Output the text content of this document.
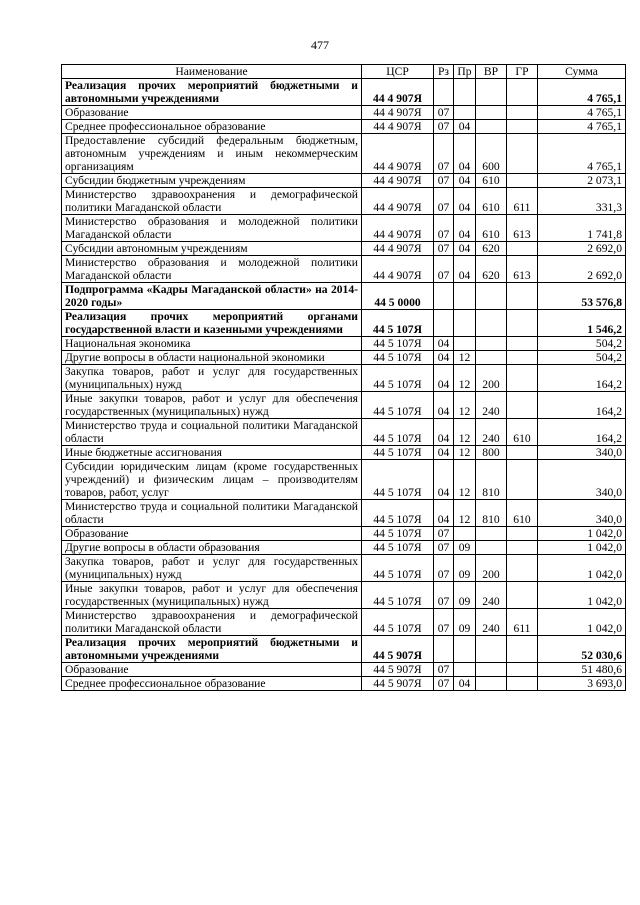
477
Наименование	ЦСР	Рз	Пр	ВР	ГР	Сумма
Реализация прочих мероприятий бюджетными и автономными учреждениями	44 4 907Я					4 765,1
Образование	44 4 907Я	07				4 765,1
Среднее профессиональное образование	44 4 907Я	07	04			4 765,1
Предоставление субсидий федеральным бюджетным, автономным учреждениям и иным некоммерческим организациям	44 4 907Я	07	04	600		4 765,1
Субсидии бюджетным учреждениям	44 4 907Я	07	04	610		2 073,1
Министерство здравоохранения и демографической политики Магаданской области	44 4 907Я	07	04	610	611	331,3
Министерство образования и молодежной политики Магаданской области	44 4 907Я	07	04	610	613	1 741,8
Субсидии автономным учреждениям	44 4 907Я	07	04	620		2 692,0
Министерство образования и молодежной политики Магаданской области	44 4 907Я	07	04	620	613	2 692,0
Подпрограмма «Кадры Магаданской области» на 2014-2020 годы»	44 5 0000					53 576,8
Реализация прочих мероприятий органами государственной власти и казенными учреждениями	44 5 107Я					1 546,2
Национальная экономика	44 5 107Я	04				504,2
Другие вопросы в области национальной экономики	44 5 107Я	04	12			504,2
Закупка товаров, работ и услуг для государственных (муниципальных) нужд	44 5 107Я	04	12	200		164,2
Иные закупки товаров, работ и услуг для обеспечения государственных (муниципальных) нужд	44 5 107Я	04	12	240		164,2
Министерство труда и социальной политики Магаданской области	44 5 107Я	04	12	240	610	164,2
Иные бюджетные ассигнования	44 5 107Я	04	12	800		340,0
Субсидии юридическим лицам (кроме государственных учреждений) и физическим лицам – производителям товаров, работ, услуг	44 5 107Я	04	12	810		340,0
Министерство труда и социальной политики Магаданской области	44 5 107Я	04	12	810	610	340,0
Образование	44 5 107Я	07				1 042,0
Другие вопросы в области образования	44 5 107Я	07	09			1 042,0
Закупка товаров, работ и услуг для государственных (муниципальных) нужд	44 5 107Я	07	09	200		1 042,0
Иные закупки товаров, работ и услуг для обеспечения государственных (муниципальных) нужд	44 5 107Я	07	09	240		1 042,0
Министерство здравоохранения и демографической политики Магаданской области	44 5 107Я	07	09	240	611	1 042,0
Реализация прочих мероприятий бюджетными и автономными учреждениями	44 5 907Я					52 030,6
Образование	44 5 907Я	07				51 480,6
Среднее профессиональное образование	44 5 907Я	07	04			3 693,0
